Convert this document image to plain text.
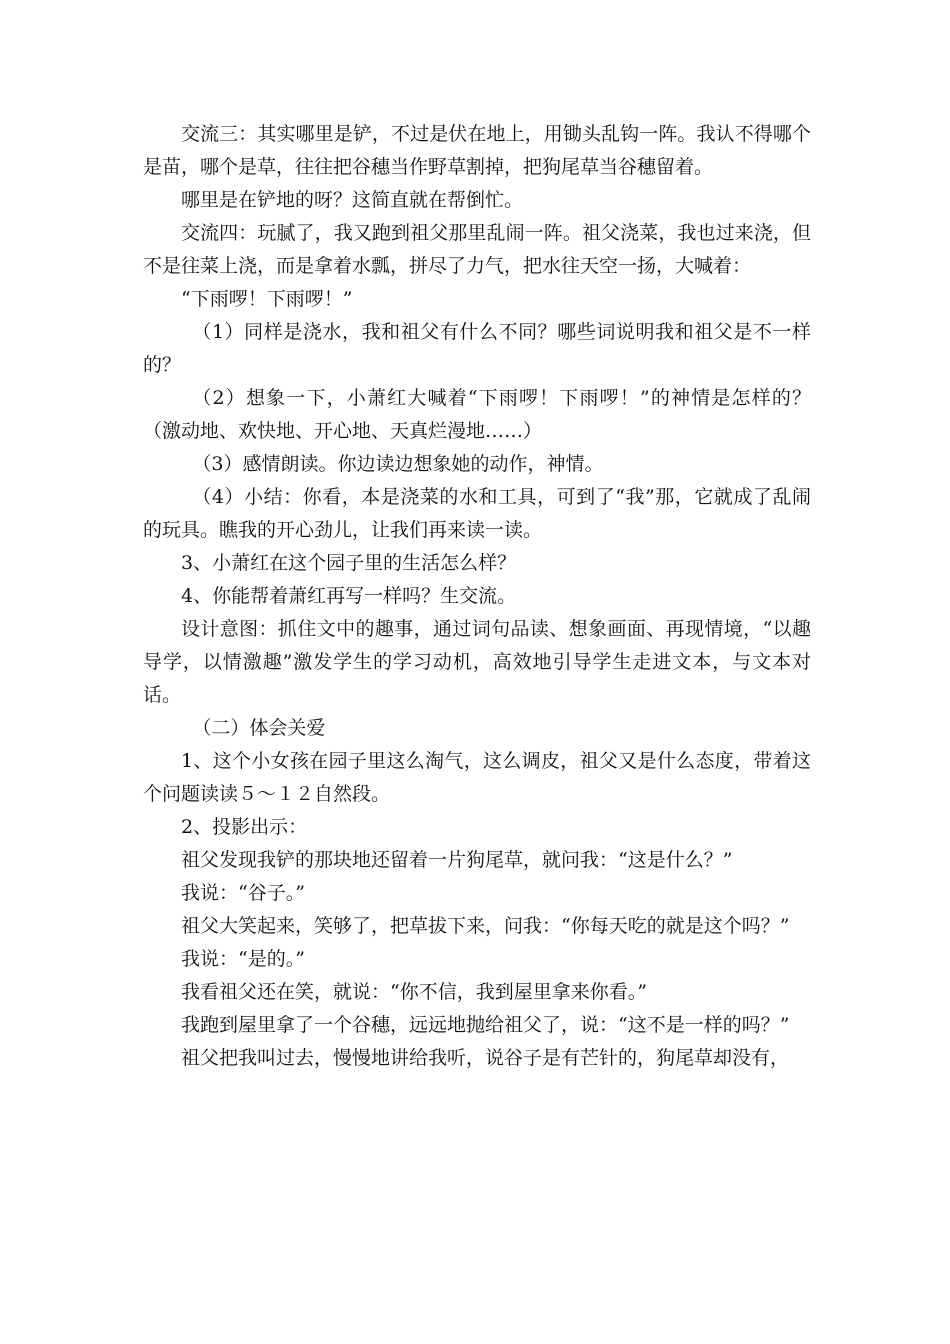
交流三：其实哪里是铲，不过是伏在地上，用锄头乱钩一阵。我认不得哪个是苗，哪个是草，往往把谷穗当作野草割掉，把狗尾草当谷穗留着。

哪里是在铲地的呀？这简直就在帮倒忙。

交流四：玩腻了，我又跑到祖父那里乱闹一阵。祖父浇菜，我也过来浇，但不是往菜上浇，而是拿着水瓢，拼尽了力气，把水往天空一扬，大喊着：

“下雨啰！下雨啰！”

（1）同样是浇水，我和祖父有什么不同？哪些词说明我和祖父是不一样的？

（2）想象一下，小萧红大喊着“下雨啰！下雨啰！”的神情是怎样的？（激动地、欢快地、开心地、天真烂漫地……）

（3）感情朗读。你边读边想象她的动作，神情。

（4）小结：你看，本是浇菜的水和工具，可到了“我”那，它就成了乱闹的玩具。瞧我的开心劲儿，让我们再来读一读。

3、小萧红在这个园子里的生活怎么样？

4、你能帮着萧红再写一样吗？生交流。

设计意图：抓住文中的趣事，通过词句品读、想象画面、再现情境，“以趣导学，以情激趣”激发学生的学习动机，高效地引导学生走进文本，与文本对话。

（二）体会关爱

1、这个小女孩在园子里这么淘气，这么调皮，祖父又是什么态度，带着这个问题读读５～１２自然段。

2、投影出示：

祖父发现我铲的那块地还留着一片狗尾草，就问我：“这是什么？”

我说：“谷子。”

祖父大笑起来，笑够了，把草拔下来，问我：“你每天吃的就是这个吗？”

我说：“是的。”

我看祖父还在笑，就说：“你不信，我到屋里拿来你看。”

我跑到屋里拿了一个谷穗，远远地抛给祖父了，说：“这不是一样的吗？”

祖父把我叫过去，慢慢地讲给我听，说谷子是有芒针的，狗尾草却没有，
